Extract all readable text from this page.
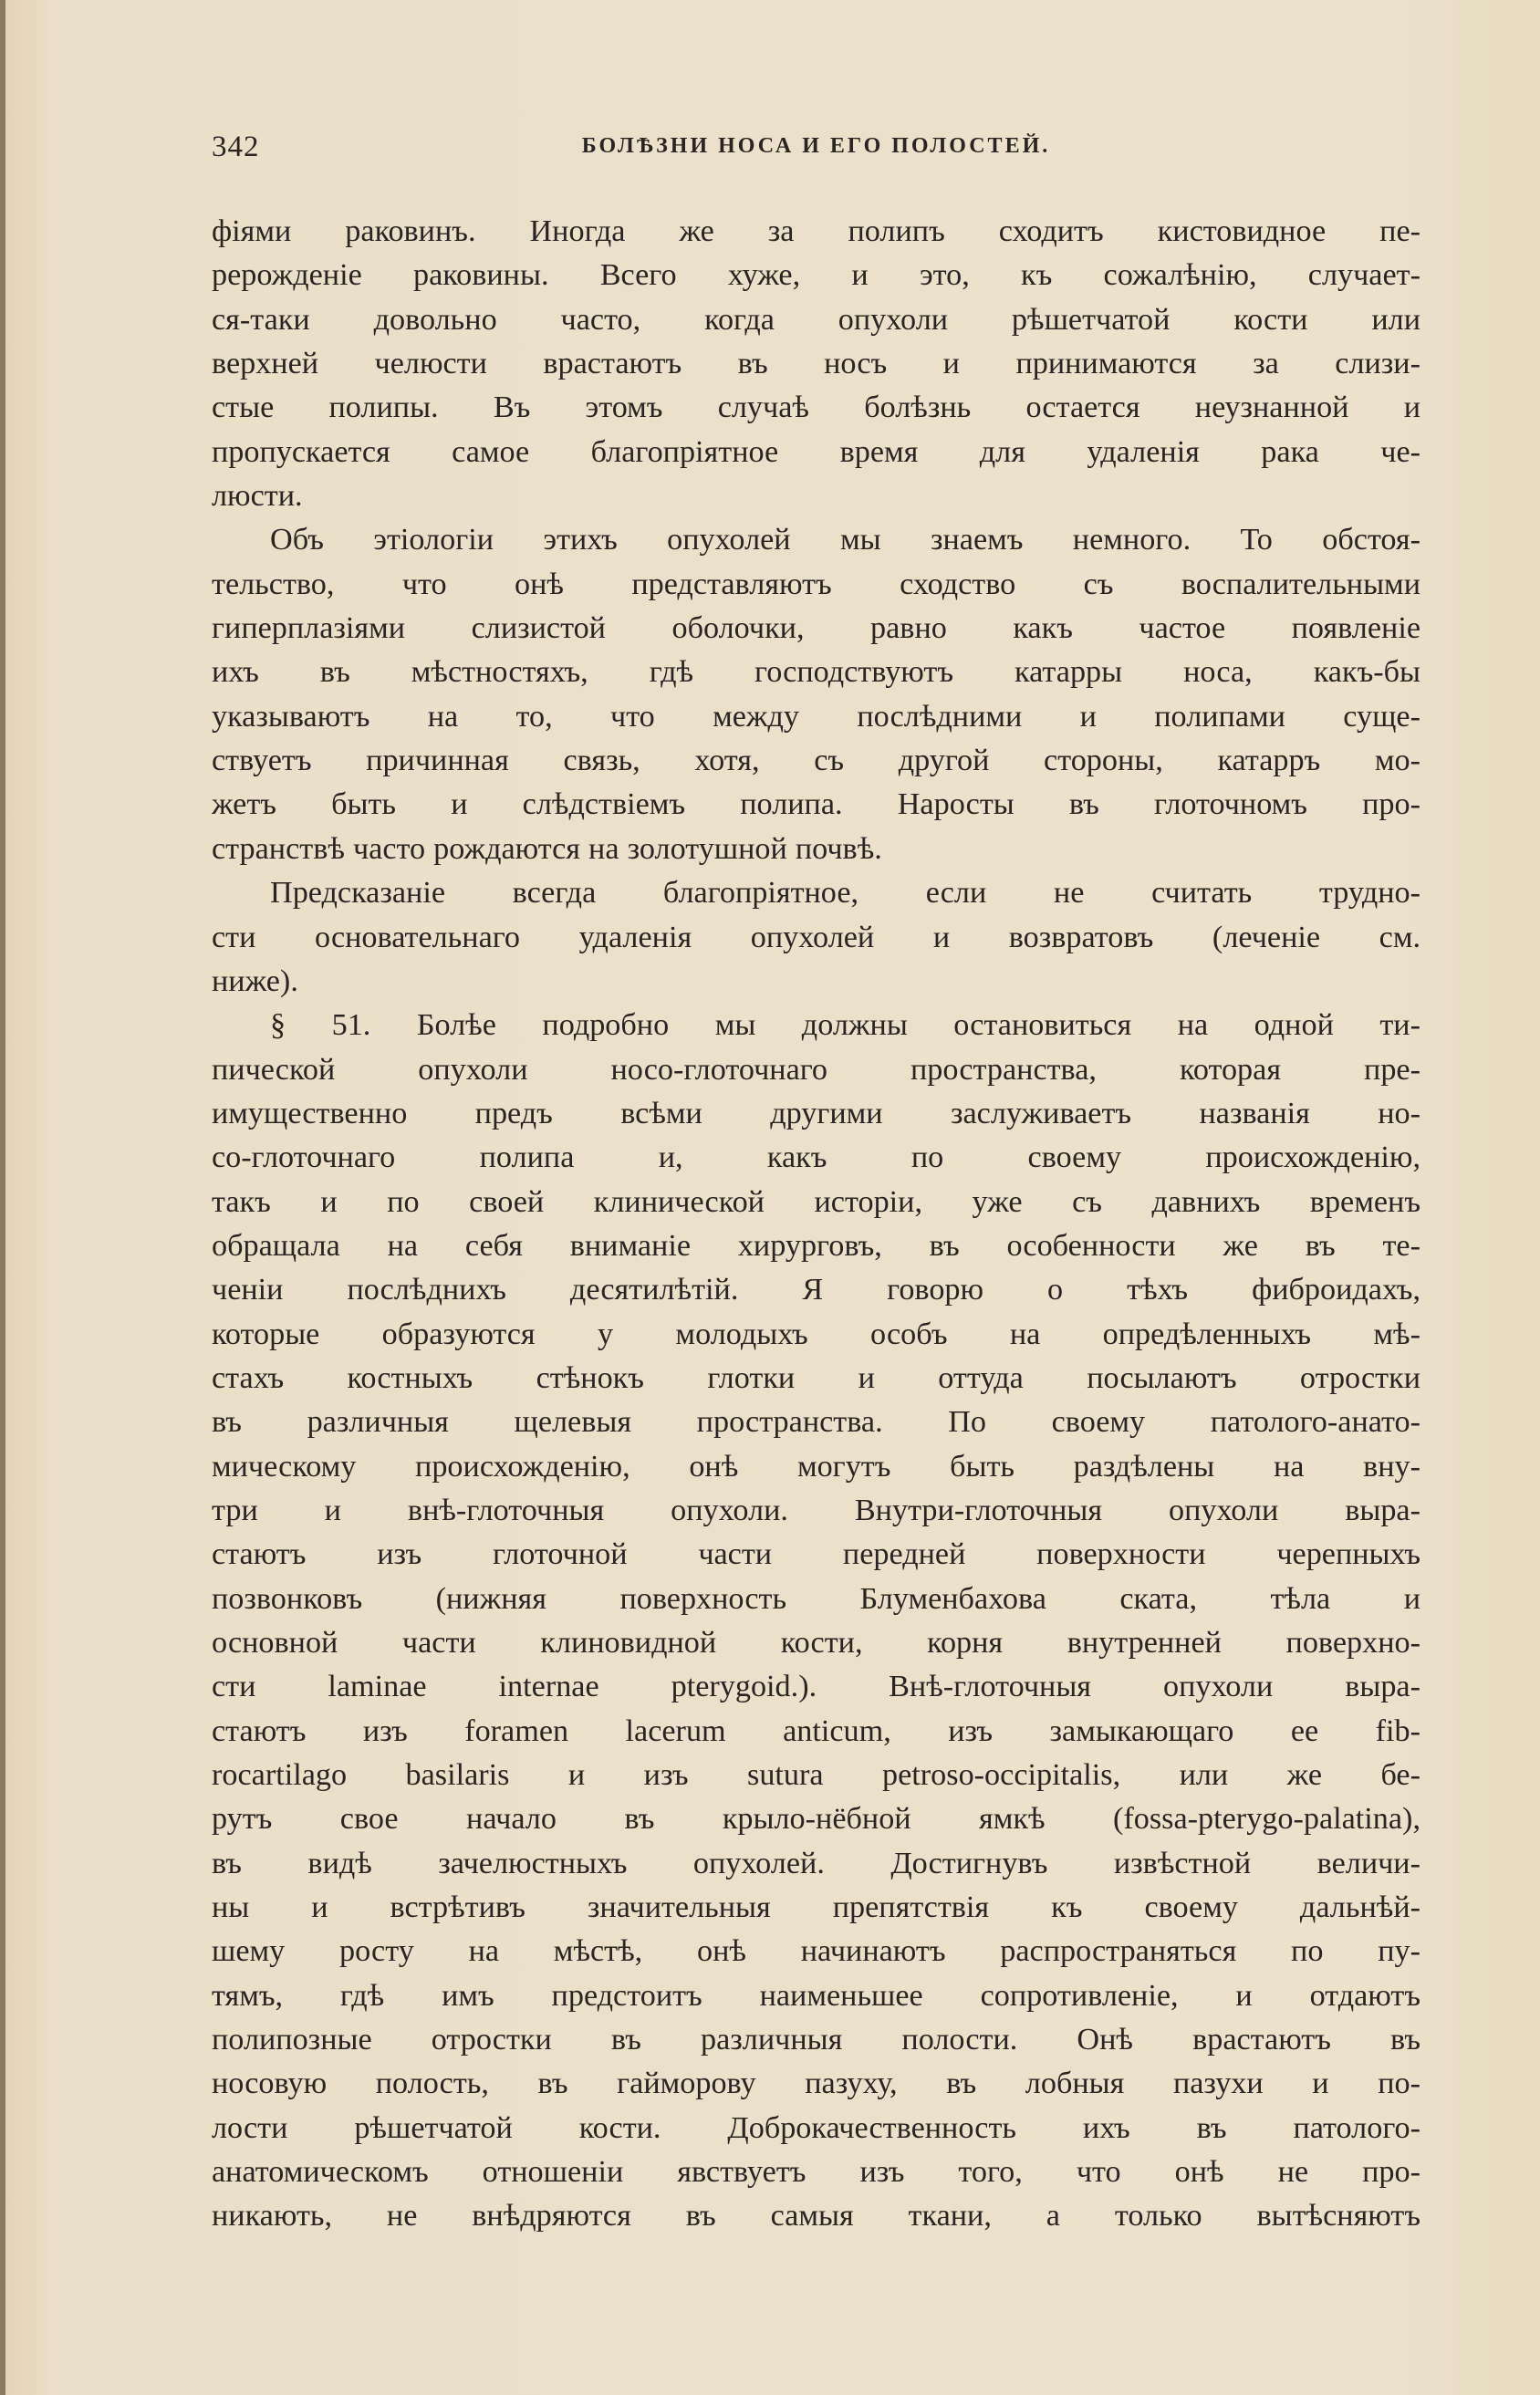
342	БОЛѢЗНИ НОСА И ЕГО ПОЛОСТЕЙ.
фіями раковинъ. Иногда же за полипъ сходитъ кистовидное пе-
рерожденіе раковины. Всего хуже, и это, къ сожалѣнію, случает-
ся-таки довольно часто, когда опухоли рѣшетчатой кости или
верхней челюсти врастаютъ въ носъ и принимаются за слизи-
стые полипы. Въ этомъ случаѣ болѣзнь остается неузнанной и
пропускается самое благопріятное время для удаленія рака че-
люсти.
Объ этіологіи этихъ опухолей мы знаемъ немного. То обстоя-
тельство, что онѣ представляютъ сходство съ воспалительными
гиперплазіями слизистой оболочки, равно какъ частое появленіе
ихъ въ мѣстностяхъ, гдѣ господствуютъ катарры носа, какъ-бы
указываютъ на то, что между послѣдними и полипами суще-
ствуетъ причинная связь, хотя, съ другой стороны, катарръ мо-
жетъ быть и слѣдствіемъ полипа. Наросты въ глоточномъ про-
странствѣ часто рождаются на золотушной почвѣ.
Предсказаніе всегда благопріятное, если не считать трудно-
сти основательнаго удаленія опухолей и возвратовъ (леченіе см.
ниже).
§ 51. Болѣе подробно мы должны остановиться на одной ти-
пической опухоли носо-глоточнаго пространства, которая пре-
имущественно предъ всѣми другими заслуживаетъ названія но-
со-глоточнаго полипа и, какъ по своему происхожденію,
такъ и по своей клинической исторіи, уже съ давнихъ временъ
обращала на себя вниманіе хирурговъ, въ особенности же въ те-
ченіи послѣднихъ десятилѣтій. Я говорю о тѣхъ фиброидахъ,
которые образуются у молодыхъ особъ на опредѣленныхъ мѣ-
стахъ костныхъ стѣнокъ глотки и оттуда посылаютъ отростки
въ различныя щелевыя пространства. По своему патолого-анато-
мическому происхожденію, онѣ могутъ быть раздѣлены на вну-
три и внѣ-глоточныя опухоли. Внутри-глоточныя опухоли выра-
стаютъ изъ глоточной части передней поверхности черепныхъ
позвонковъ (нижняя поверхность Блуменбахова ската, тѣла и
основной части клиновидной кости, корня внутренней поверхно-
сти laminae internae pterygoid.). Внѣ-глоточныя опухоли выра-
стаютъ изъ foramen lacerum anticum, изъ замыкающаго ее fib-
rocartilago basilaris и изъ sutura petroso-occipitalis, или же бе-
рутъ свое начало въ крыло-нёбной ямкѣ (fossa-pterygo-palatina),
въ видѣ зачелюстныхъ опухолей. Достигнувъ извѣстной величи-
ны и встрѣтивъ значительныя препятствія къ своему дальнѣй-
шему росту на мѣстѣ, онѣ начинаютъ распространяться по пу-
тямъ, гдѣ имъ предстоитъ наименьшее сопротивленіе, и отдаютъ
полипозные отростки въ различныя полости. Онѣ врастаютъ въ
носовую полость, въ гайморову пазуху, въ лобныя пазухи и по-
лости рѣшетчатой кости. Доброкачественность ихъ въ патолого-
анатомическомъ отношеніи явствуетъ изъ того, что онѣ не про-
никають, не внѣдряются въ самыя ткани, а только вытѣсняютъ
